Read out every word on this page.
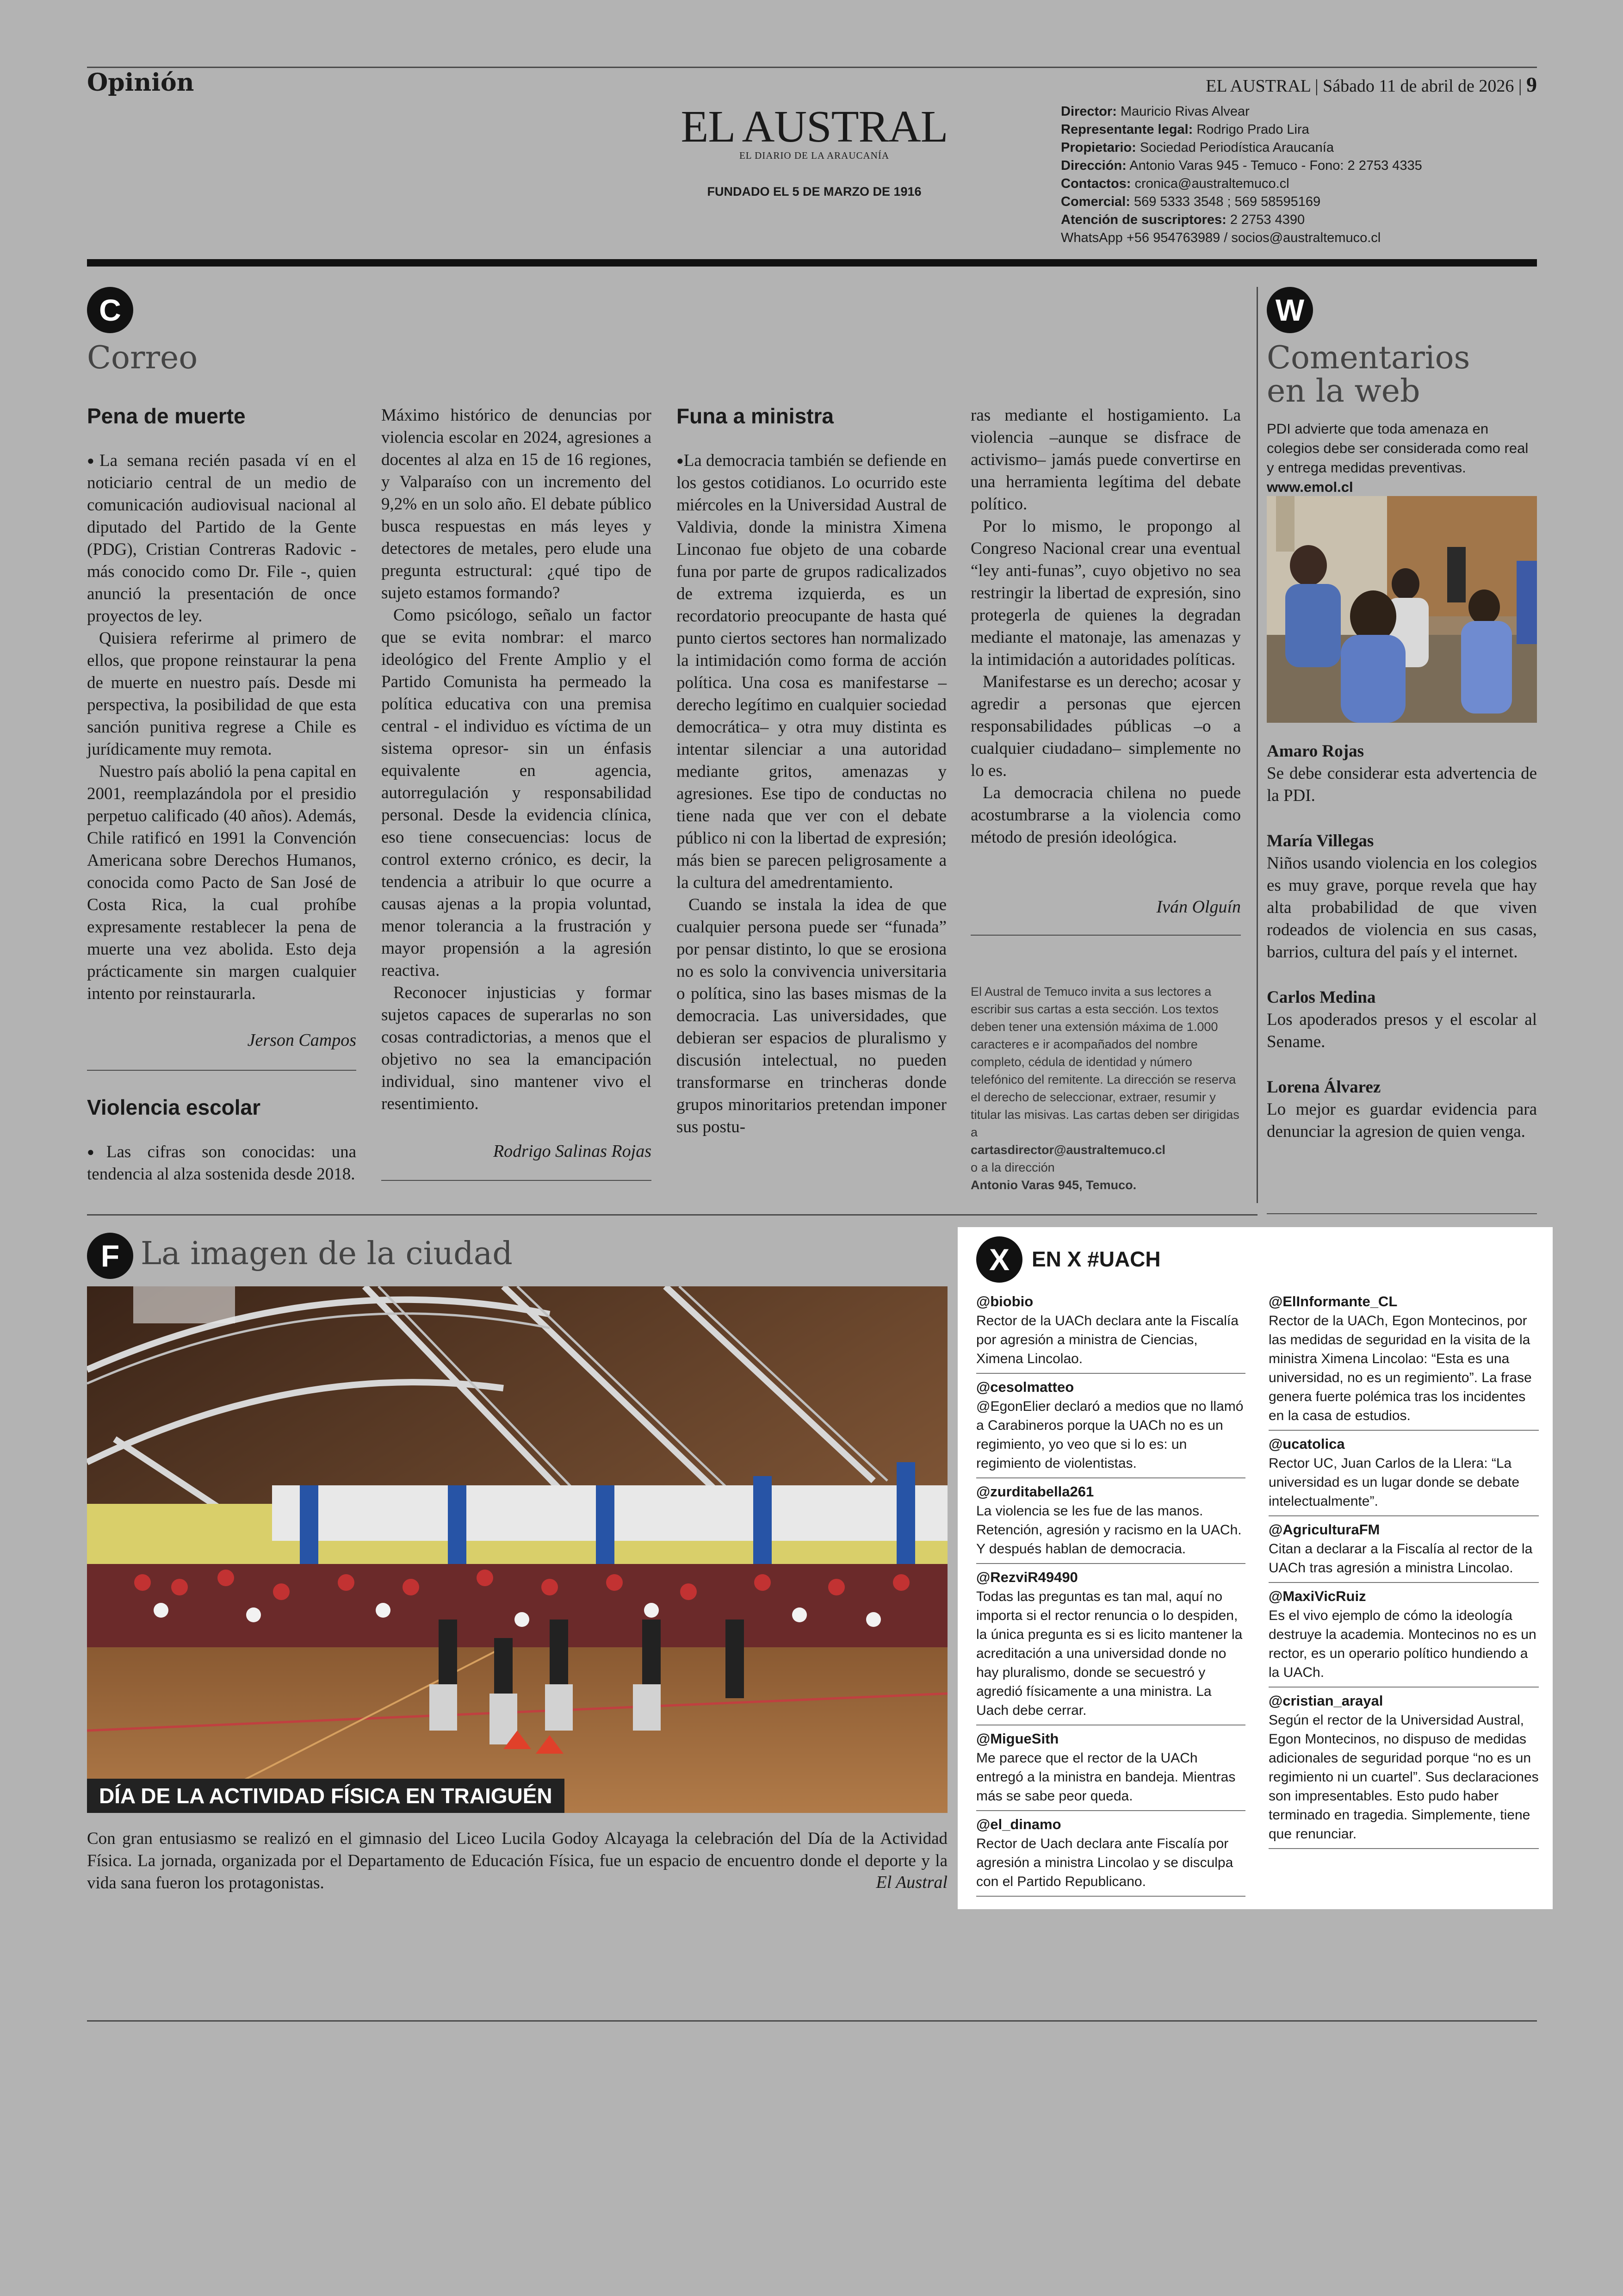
Opinión
EL AUSTRAL
EL DIARIO DE LA ARAUCANÍA
FUNDADO EL 5 DE MARZO DE 1916
EL AUSTRAL | Sábado 11 de abril de 2026 | 9
Director: Mauricio Rivas Alvear
Representante legal: Rodrigo Prado Lira
Propietario: Sociedad Periodística Araucanía
Dirección: Antonio Varas 945 - Temuco - Fono: 2 2753 4335
Contactos: cronica@australtemuco.cl
Comercial: 569 5333 3548 ; 569 58595169
Atención de suscriptores: 2 2753 4390
WhatsApp +56 954763989 / socios@australtemuco.cl
C
Correo
Pena de muerte

●La semana recién pasada ví en el noticiario central de un medio de comunicación audiovisual nacional al diputado del Partido de la Gente (PDG), Cristian Contreras Radovic - más conocido como Dr. File -, quien anunció la presentación de once proyectos de ley.

Quisiera referirme al primero de ellos, que propone reinstaurar la pena de muerte en nuestro país. Desde mi perspectiva, la posibilidad de que esta sanción punitiva regrese a Chile es jurídicamente muy remota.

Nuestro país abolió la pena capital en 2001, reemplazándola por el presidio perpetuo calificado (40 años). Además, Chile ratificó en 1991 la Convención Americana sobre Derechos Humanos, conocida como Pacto de San José de Costa Rica, la cual prohíbe expresamente restablecer la pena de muerte una vez abolida. Esto deja prácticamente sin margen cualquier intento por reinstaurarla.

Jerson Campos
Violencia escolar

●Las cifras son conocidas: una tendencia al alza sostenida desde 2018.

Máximo histórico de denuncias por violencia escolar en 2024, agresiones a docentes al alza en 15 de 16 regiones, y Valparaíso con un incremento del 9,2% en un solo año. El debate público busca respuestas en más leyes y detectores de metales, pero elude una pregunta estructural: ¿qué tipo de sujeto estamos formando?

Como psicólogo, señalo un factor que se evita nombrar: el marco ideológico del Frente Amplio y el Partido Comunista ha permeado la política educativa con una premisa central - el individuo es víctima de un sistema opresor- sin un énfasis equivalente en agencia, autorregulación y responsabilidad personal. Desde la evidencia clínica, eso tiene consecuencias: locus de control externo crónico, es decir, la tendencia a atribuir lo que ocurre a causas ajenas a la propia voluntad, menor tolerancia a la frustración y mayor propensión a la agresión reactiva.

Reconocer injusticias y formar sujetos capaces de superarlas no son cosas contradictorias, a menos que el objetivo no sea la emancipación individual, sino mantener vivo el resentimiento.

Rodrigo Salinas Rojas
Funa a ministra

●La democracia también se defiende en los gestos cotidianos. Lo ocurrido este miércoles en la Universidad Austral de Valdivia, donde la ministra Ximena Linconao fue objeto de una cobarde funa por parte de grupos radicalizados de extrema izquierda, es un recordatorio preocupante de hasta qué punto ciertos sectores han normalizado la intimidación como forma de acción política. Una cosa es manifestarse –derecho legítimo en cualquier sociedad democrática– y otra muy distinta es intentar silenciar a una autoridad mediante gritos, amenazas y agresiones. Ese tipo de conductas no tiene nada que ver con el debate público ni con la libertad de expresión; más bien se parecen peligrosamente a la cultura del amedrentamiento.

Cuando se instala la idea de que cualquier persona puede ser “funada” por pensar distinto, lo que se erosiona no es solo la convivencia universitaria o política, sino las bases mismas de la democracia. Las universidades, que debieran ser espacios de pluralismo y discusión intelectual, no pueden transformarse en trincheras donde grupos minoritarios pretendan imponer sus postu-

ras mediante el hostigamiento. La violencia –aunque se disfrace de activismo– jamás puede convertirse en una herramienta legítima del debate político.

Por lo mismo, le propongo al Congreso Nacional crear una eventual “ley anti-funas”, cuyo objetivo no sea restringir la libertad de expresión, sino protegerla de quienes la degradan mediante el matonaje, las amenazas y la intimidación a autoridades políticas.

Manifestarse es un derecho; acosar y agredir a personas que ejercen responsabilidades públicas –o a cualquier ciudadano– simplemente no lo es.

La democracia chilena no puede acostumbrarse a la violencia como método de presión ideológica.

Iván Olguín
El Austral de Temuco invita a sus lectores a escribir sus cartas a esta sección. Los textos deben tener una extensión máxima de 1.000 caracteres e ir acompañados del nombre completo, cédula de identidad y número telefónico del remitente. La dirección se reserva el derecho de seleccionar, extraer, resumir y titular las misivas. Las cartas deben ser dirigidas a
cartasdirector@australtemuco.cl
o a la dirección
Antonio Varas 945, Temuco.
W
Comentarios
en la web
PDI advierte que toda amenaza en colegios debe ser considerada como real y entrega medidas preventivas. www.emol.cl
Amaro Rojas

Se debe considerar esta advertencia de la PDI.

María Villegas

Niños usando violencia en los colegios es muy grave, porque revela que hay alta probabilidad de que viven rodeados de violencia en sus casas, barrios, cultura del país y el internet.

Carlos Medina

Los apoderados presos y el escolar al Sename.

Lorena Álvarez

Lo mejor es guardar evidencia para denunciar la agresion de quien venga.

F La imagen de la ciudad
DÍA DE LA ACTIVIDAD FÍSICA EN TRAIGUÉN
Con gran entusiasmo se realizó en el gimnasio del Liceo Lucila Godoy Alcayaga la celebración del Día de la Actividad Física. La jornada, organizada por el Departamento de Educación Física, fue un espacio de encuentro donde el deporte y la vida sana fueron los protagonistas.	El Austral
X	EN X #UACH
@biobio

Rector de la UACh declara ante la Fiscalía por agresión a ministra de Ciencias, Ximena Lincolao.

@cesolmatteo

@EgonElier declaró a medios que no llamó a Carabineros porque la UACh no es un regimiento, yo veo que si lo es: un regimiento de violentistas.

@zurditabella261

La violencia se les fue de las manos. Retención, agresión y racismo en la UACh. Y después hablan de democracia.

@RezviR49490

Todas las preguntas es tan mal, aquí no importa si el rector renuncia o lo despiden, la única pregunta es si es licito mantener la acreditación a una universidad donde no hay pluralismo, donde se secuestró y agredió físicamente a una ministra. La Uach debe cerrar.

@MigueSith

Me parece que el rector de la UACh entregó a la ministra en bandeja. Mientras más se sabe peor queda.

@el_dinamo

Rector de Uach declara ante Fiscalía por agresión a ministra Lincolao y se disculpa con el Partido Republicano.

@ElInformante_CL

Rector de la UACh, Egon Montecinos, por las medidas de seguridad en la visita de la ministra Ximena Lincolao: “Esta es una universidad, no es un regimiento”. La frase genera fuerte polémica tras los incidentes en la casa de estudios.

@ucatolica

Rector UC, Juan Carlos de la Llera: “La universidad es un lugar donde se debate intelectualmente”.

@AgriculturaFM

Citan a declarar a la Fiscalía al rector de la UACh tras agresión a ministra Lincolao.

@MaxiVicRuiz

Es el vivo ejemplo de cómo la ideología destruye la academia. Montecinos no es un rector, es un operario político hundiendo a la UACh.

@cristian_arayal

Según el rector de la Universidad Austral, Egon Montecinos, no dispuso de medidas adicionales de seguridad porque “no es un regimiento ni un cuartel”. Sus declaraciones son impresentables. Esto pudo haber terminado en tragedia. Simplemente, tiene que renunciar.
